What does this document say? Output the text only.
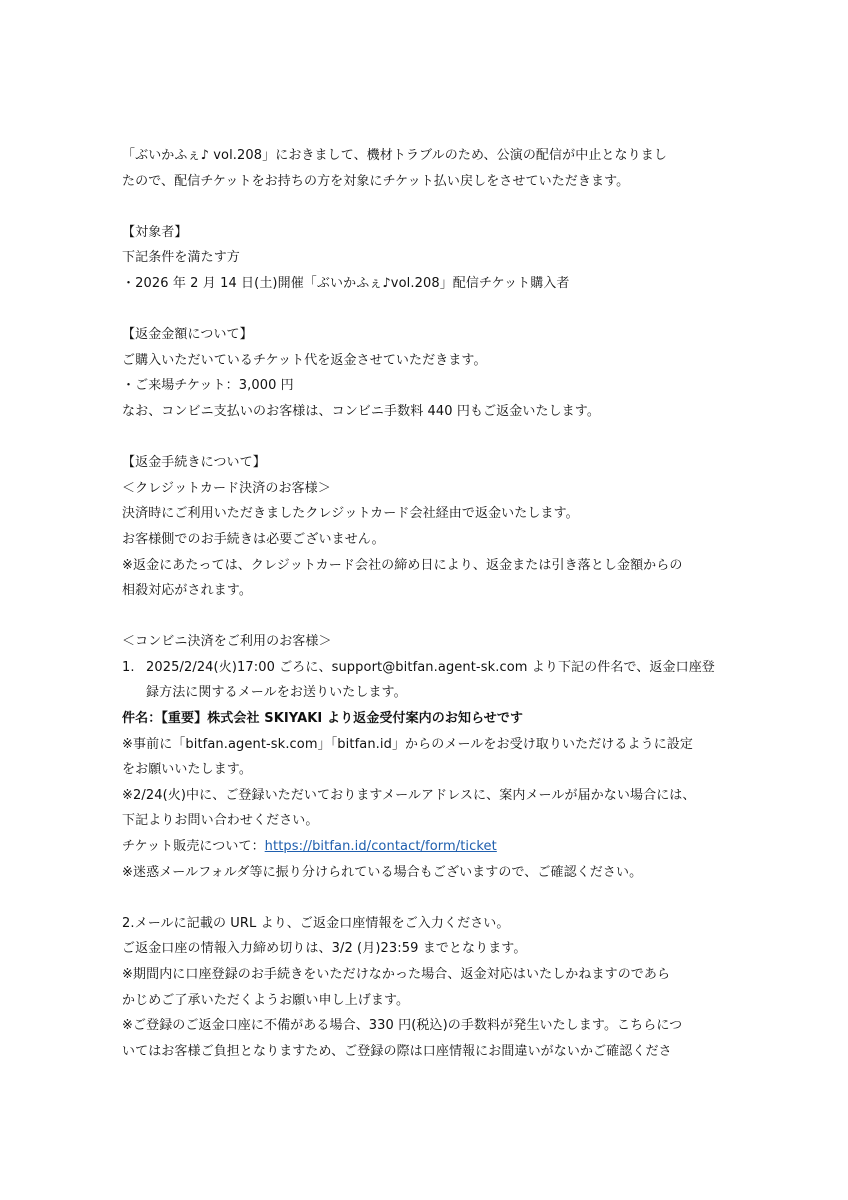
「ぶいかふぇ♪ vol.208」におきまして、機材トラブルのため、公演の配信が中止となりまし
たので、配信チケットをお持ちの方を対象にチケット払い戻しをさせていただきます。
【対象者】
下記条件を満たす方
・2026 年 2 月 14 日(土)開催「ぶいかふぇ♪vol.208」配信チケット購入者
【返金金額について】
ご購入いただいているチケット代を返金させていただきます。
・ご来場チケット：3,000 円
なお、コンビニ支払いのお客様は、コンビニ手数料 440 円もご返金いたします。
【返金手続きについて】
＜クレジットカード決済のお客様＞
決済時にご利用いただきましたクレジットカード会社経由で返金いたします。
お客様側でのお手続きは必要ございません。
※返金にあたっては、クレジットカード会社の締め日により、返金または引き落とし金額からの
相殺対応がされます。
＜コンビニ決済をご利用のお客様＞
1. 2025/2/24(火)17:00 ごろに、support@bitfan.agent-sk.com より下記の件名で、返金口座登
録方法に関するメールをお送りいたします。
件名：【重要】株式会社 SKIYAKI より返金受付案内のお知らせです
※事前に「bitfan.agent-sk.com」「bitfan.id」からのメールをお受け取りいただけるように設定
をお願いいたします。
※2/24(火)中に、ご登録いただいておりますメールアドレスに、案内メールが届かない場合には、
下記よりお問い合わせください。
チケット販売について：https://bitfan.id/contact/form/ticket
※迷惑メールフォルダ等に振り分けられている場合もございますので、ご確認ください。
2.メールに記載の URL より、ご返金口座情報をご入力ください。
ご返金口座の情報入力締め切りは、3/2 (月)23:59 までとなります。
※期間内に口座登録のお手続きをいただけなかった場合、返金対応はいたしかねますのであら
かじめご了承いただくようお願い申し上げます。
※ご登録のご返金口座に不備がある場合、330 円(税込)の手数料が発生いたします。こちらにつ
いてはお客様ご負担となりますため、ご登録の際は口座情報にお間違いがないかご確認くださ
